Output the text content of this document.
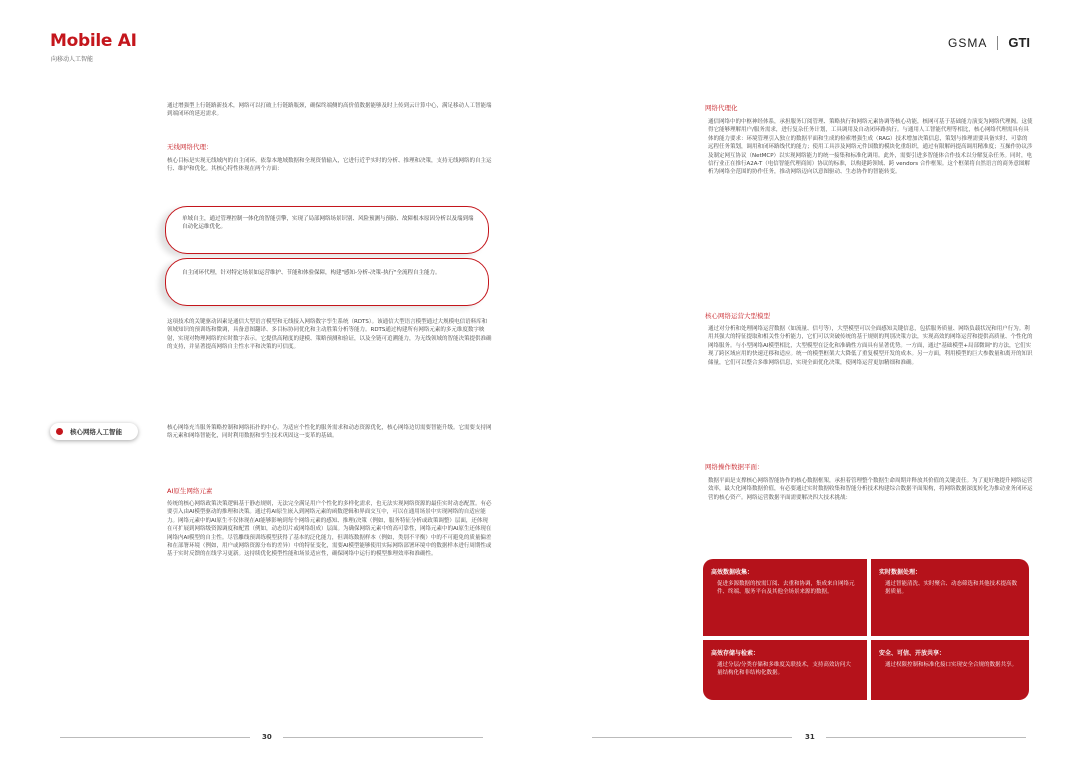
Mobile AI
向移动人工智能
GSMA GTI
通过增强型上行链路新技术，网络可以打破上行链路瓶颈，确保终端侧的高价值数据能够及时上传到云计算中心，满足移动人工智能端到端闭环的延迟需求。
无线网络代理：
核心目标是实现无线域内的自主闭环。依靠本地域数据和全现资情输入，它进行近乎实时的分析、推理和决策，支持无线网络的自主运行、维护和优化。其核心特性体现在两个方面：
单域自主，通过管理控制一体化的智能引擎，实现了局部网络场景识别、风险预测与预防、故障根本原因分析以及端到端自动化运维优化。
自主闭环代理，针对特定场景如运营维护、节能和体验保障，构建"感知-分析-决策-执行"全流程自主能力。
这项技术的关键驱动因素是通信大型语言模型和无线接入网络数字孪生系统（RDTS）。该通信大型语言模型通过大规模电信语料库和领域知识的预训练和微调，具备意图翻译、多目标协同优化和主动胜策分析等能力。RDTS通过构建所有网络元素的多元维度数字映射，实现对物理网络的实时数字表示。它提供高精度的建模、策略预测和验证，以及全链可追溯能力，为无线领域的智能决策提供准确的支持，并显著提高网络自主性水平和决策的可信度。
核心网络人工智能	核心网络充当服务策略控制和网络拓扑的中心。为适应个性化的服务需求和动态资源优化，核心网络边切需要智能升级。它需要支持网络元素和网络智能化，同时利用数据和孪生技术巩固这一变革的基础。
AI原生网络元素
传统的核心网络政策决策逻辑基于静态规则，无法完全满足用户个性化的多样化需求，也无法实现网络资源的最佳实时动态配置。有必要引入由AI模型驱动的推理和决策。通过将AI原生嵌入到网络元素的函数逻辑和界面交互中，可以在通用场景中实现网络的自适应能力。网络元素中的AI原生不仅体现在AI能够影响到每个网络元素的感知、推理(决策（例如，服务特征分析或政策调整）层面，还体现在可扩展到网络级资源调度和配置（例如，动态切片或网络组成）层面。为确保网络元素中的高可靠性，网络元素中的AI原生还体现在网络内AI模型的自主性。尽管離线预训练模型获得了基本的泛化能力，但训练数据样本（例如，类别不平衡）中的不可避免的质量偏差和在部署环境（例如，用户或网络资源分布的差异）中的特征变化，需要AI模型能够使用实际网络部署环境中的数据样本进行周期性或基于实时反馈的在线学习更新。这持续优化模型性能和场景适应性，确保网络中运行的模型推理效率和准确性。
30
网络代理化
通信网络中的中枢神经体系，承担服务订阅管理、策略执行和网络元素协调等核心功能，核网可基于基础能力演变为网络代理阁。这使得它能够理解用户/服务需求，进行复杂任务计划，工具调用及自动闭环路执行。与通用人工智能代理等相比，核心网络代理需具有具体的能力要求：环境管理引入独立的数据平面和生成的检索增强生成（RAG）技术增加决策信息，策划与推理需要具备实时、可靠的远程任务策划，调用和闭环路线代的能力；使用工具涉及网络元件国数的模块化重组织，通过有限解码提高调用精准度；互操作协议涉及制定网互协议（NetMCP）以实现网络能力的统一接集和标准化调用。此外，需要引进多智能体合作技术以分解复杂任务。同时，电信行业正在推行A2A-T（电信智能代理商间）协议的标准，以构建跨领域、跨 vendors 合作框架。这个框架将自然语言的商务意图解析为网络全范围的协作任务，推动网络迈向以意图驱动、生态协作的智能转变。
核心网络运营大型模型
通过对分析和处理网络运营数据（如流量、信号等），大型模型可以全面感知关键信息，包括服务质量、网络负载状况和用户行为。利用其强大的特征提取和相关性分析能力，它们可以突破传统的基于规则的判别决策方法，实现高效的网络运营和提供高质量、个性化的网络服务。与小型网络AI模型相比，大型模型在泛化和准确性方面具有显著优势。一方面，通过"基础模型+局部微调"的方法，它们实现了跨区域应用的快速迁移和适应。统一的模型框架大大降低了重复模型开发的成本。另一方面，利用模型的巨大参数量和离开的知识储量，它们可以整合多维网络信息，实现全面优化决策，使网络运营更加精细和准确。
网络操作数据平面：
数据平面是支撑核心网络智能协作的核心数据框架，承担着管理整个数据生命周期并释放其价值的关键责任。为了更好地提升网络运营效率，最大化网络数据价值，有必要通过实时数据收集和智能分析技术构建综合数据平面架构，将网络数据深度转化为推动业务闭环运营的核心资产。网络运营数据平面需要解决四大技术挑战：
高效数据收集：
促进多源数据的按需订阅、去重和协调，集成来自网络元件、终端、服务平台及其他全场景来源的数据。
实时数据处理：
通过智能清洗、实时聚合、动态筛选和其他技术提高数据质量。
高效存储与检索：
通过分层/分类存储和多维度关联技术，支持高效访问大量结构化和非结构化数据。
安全、可信、开放共享：
通过权限控制和标准化接口实现安全合规的数据共享。
31
